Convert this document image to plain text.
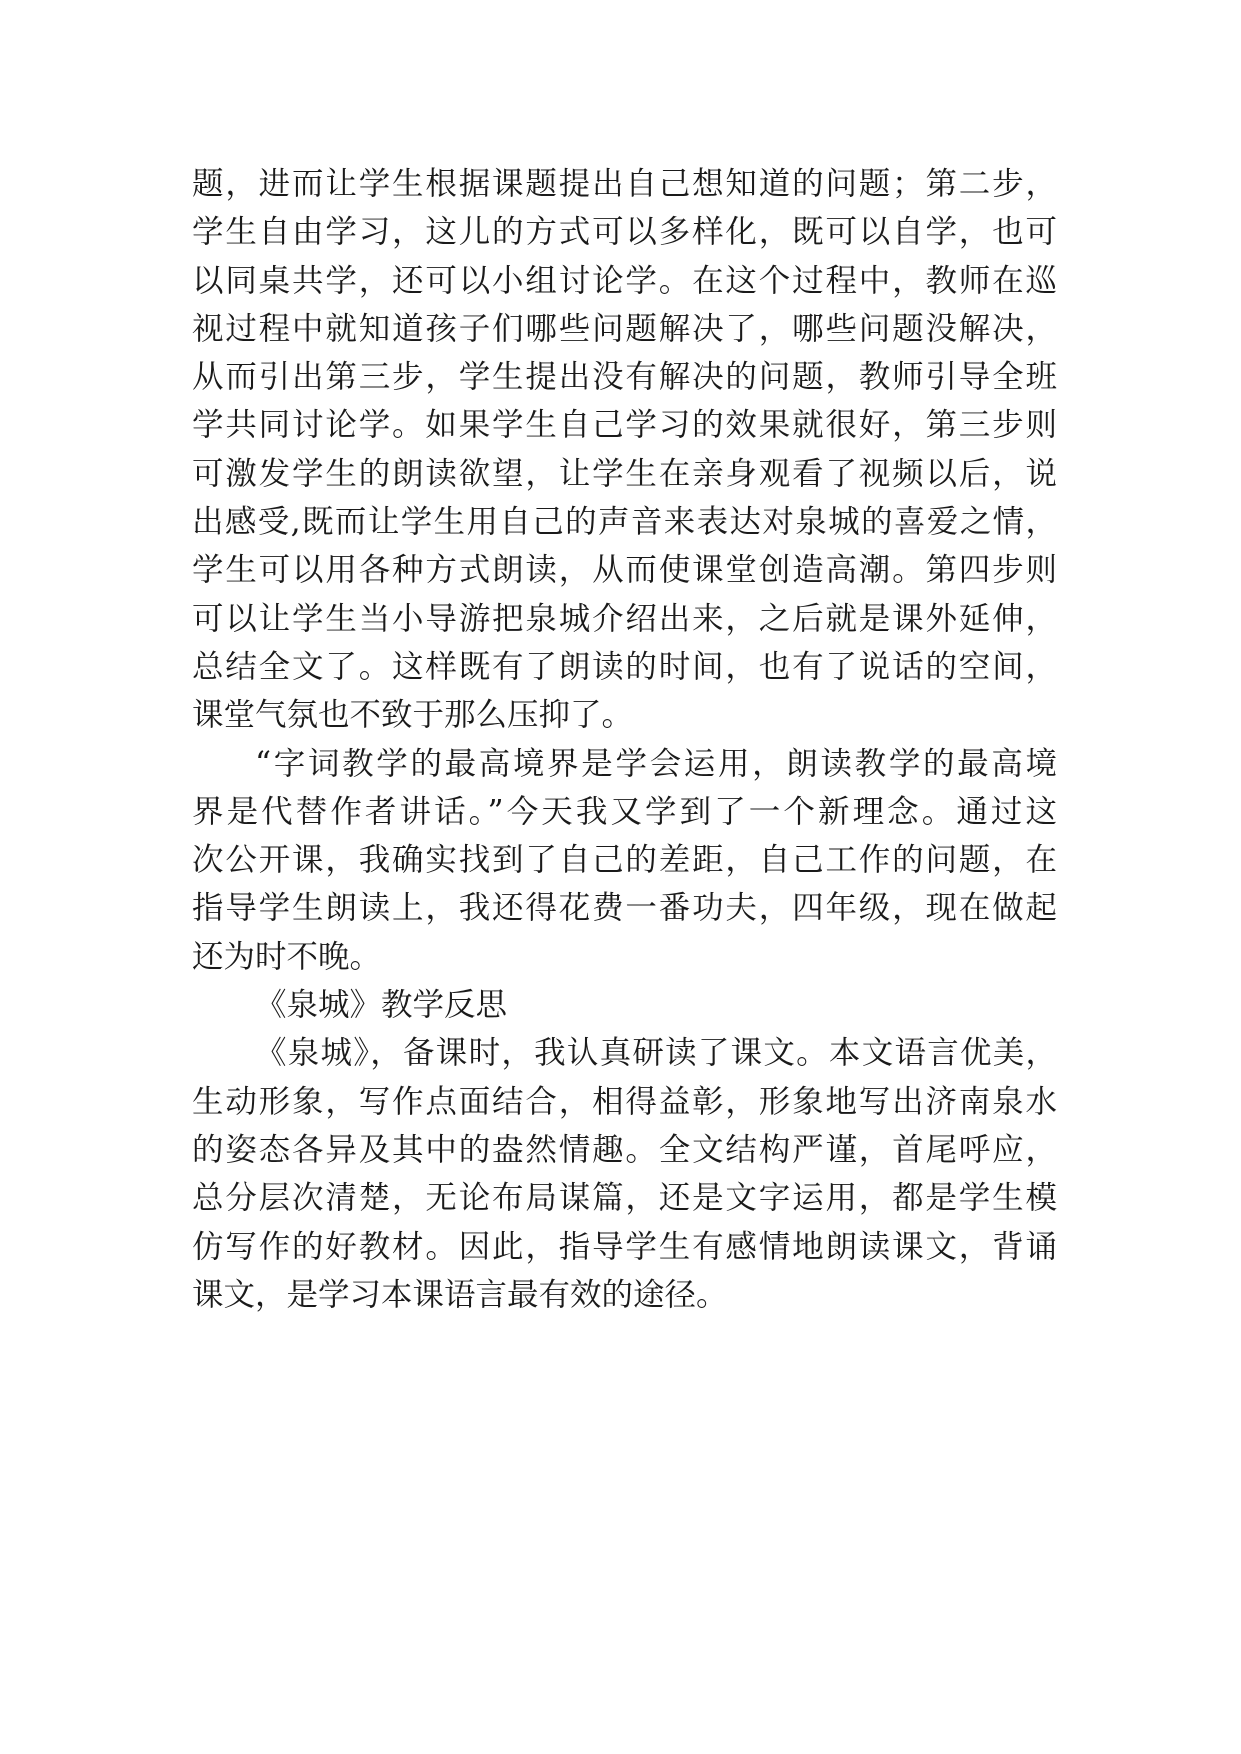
题，进而让学生根据课题提出自己想知道的问题；第二步，
学生自由学习，这儿的方式可以多样化，既可以自学，也可
以同桌共学，还可以小组讨论学。在这个过程中，教师在巡
视过程中就知道孩子们哪些问题解决了，哪些问题没解决，
从而引出第三步，学生提出没有解决的问题，教师引导全班
学共同讨论学。如果学生自己学习的效果就很好，第三步则
可激发学生的朗读欲望，让学生在亲身观看了视频以后，说
出感受,既而让学生用自己的声音来表达对泉城的喜爱之情，
学生可以用各种方式朗读，从而使课堂创造高潮。第四步则
可以让学生当小导游把泉城介绍出来，之后就是课外延伸，
总结全文了。这样既有了朗读的时间，也有了说话的空间，
课堂气氛也不致于那么压抑了。
“字词教学的最高境界是学会运用，朗读教学的最高境
界是代替作者讲话。”今天我又学到了一个新理念。通过这
次公开课，我确实找到了自己的差距，自己工作的问题，在
指导学生朗读上，我还得花费一番功夫，四年级，现在做起
还为时不晚。
《泉城》教学反思
《泉城》，备课时，我认真研读了课文。本文语言优美，
生动形象，写作点面结合，相得益彰，形象地写出济南泉水
的姿态各异及其中的盎然情趣。全文结构严谨，首尾呼应，
总分层次清楚，无论布局谋篇，还是文字运用，都是学生模
仿写作的好教材。因此，指导学生有感情地朗读课文，背诵
课文，是学习本课语言最有效的途径。
